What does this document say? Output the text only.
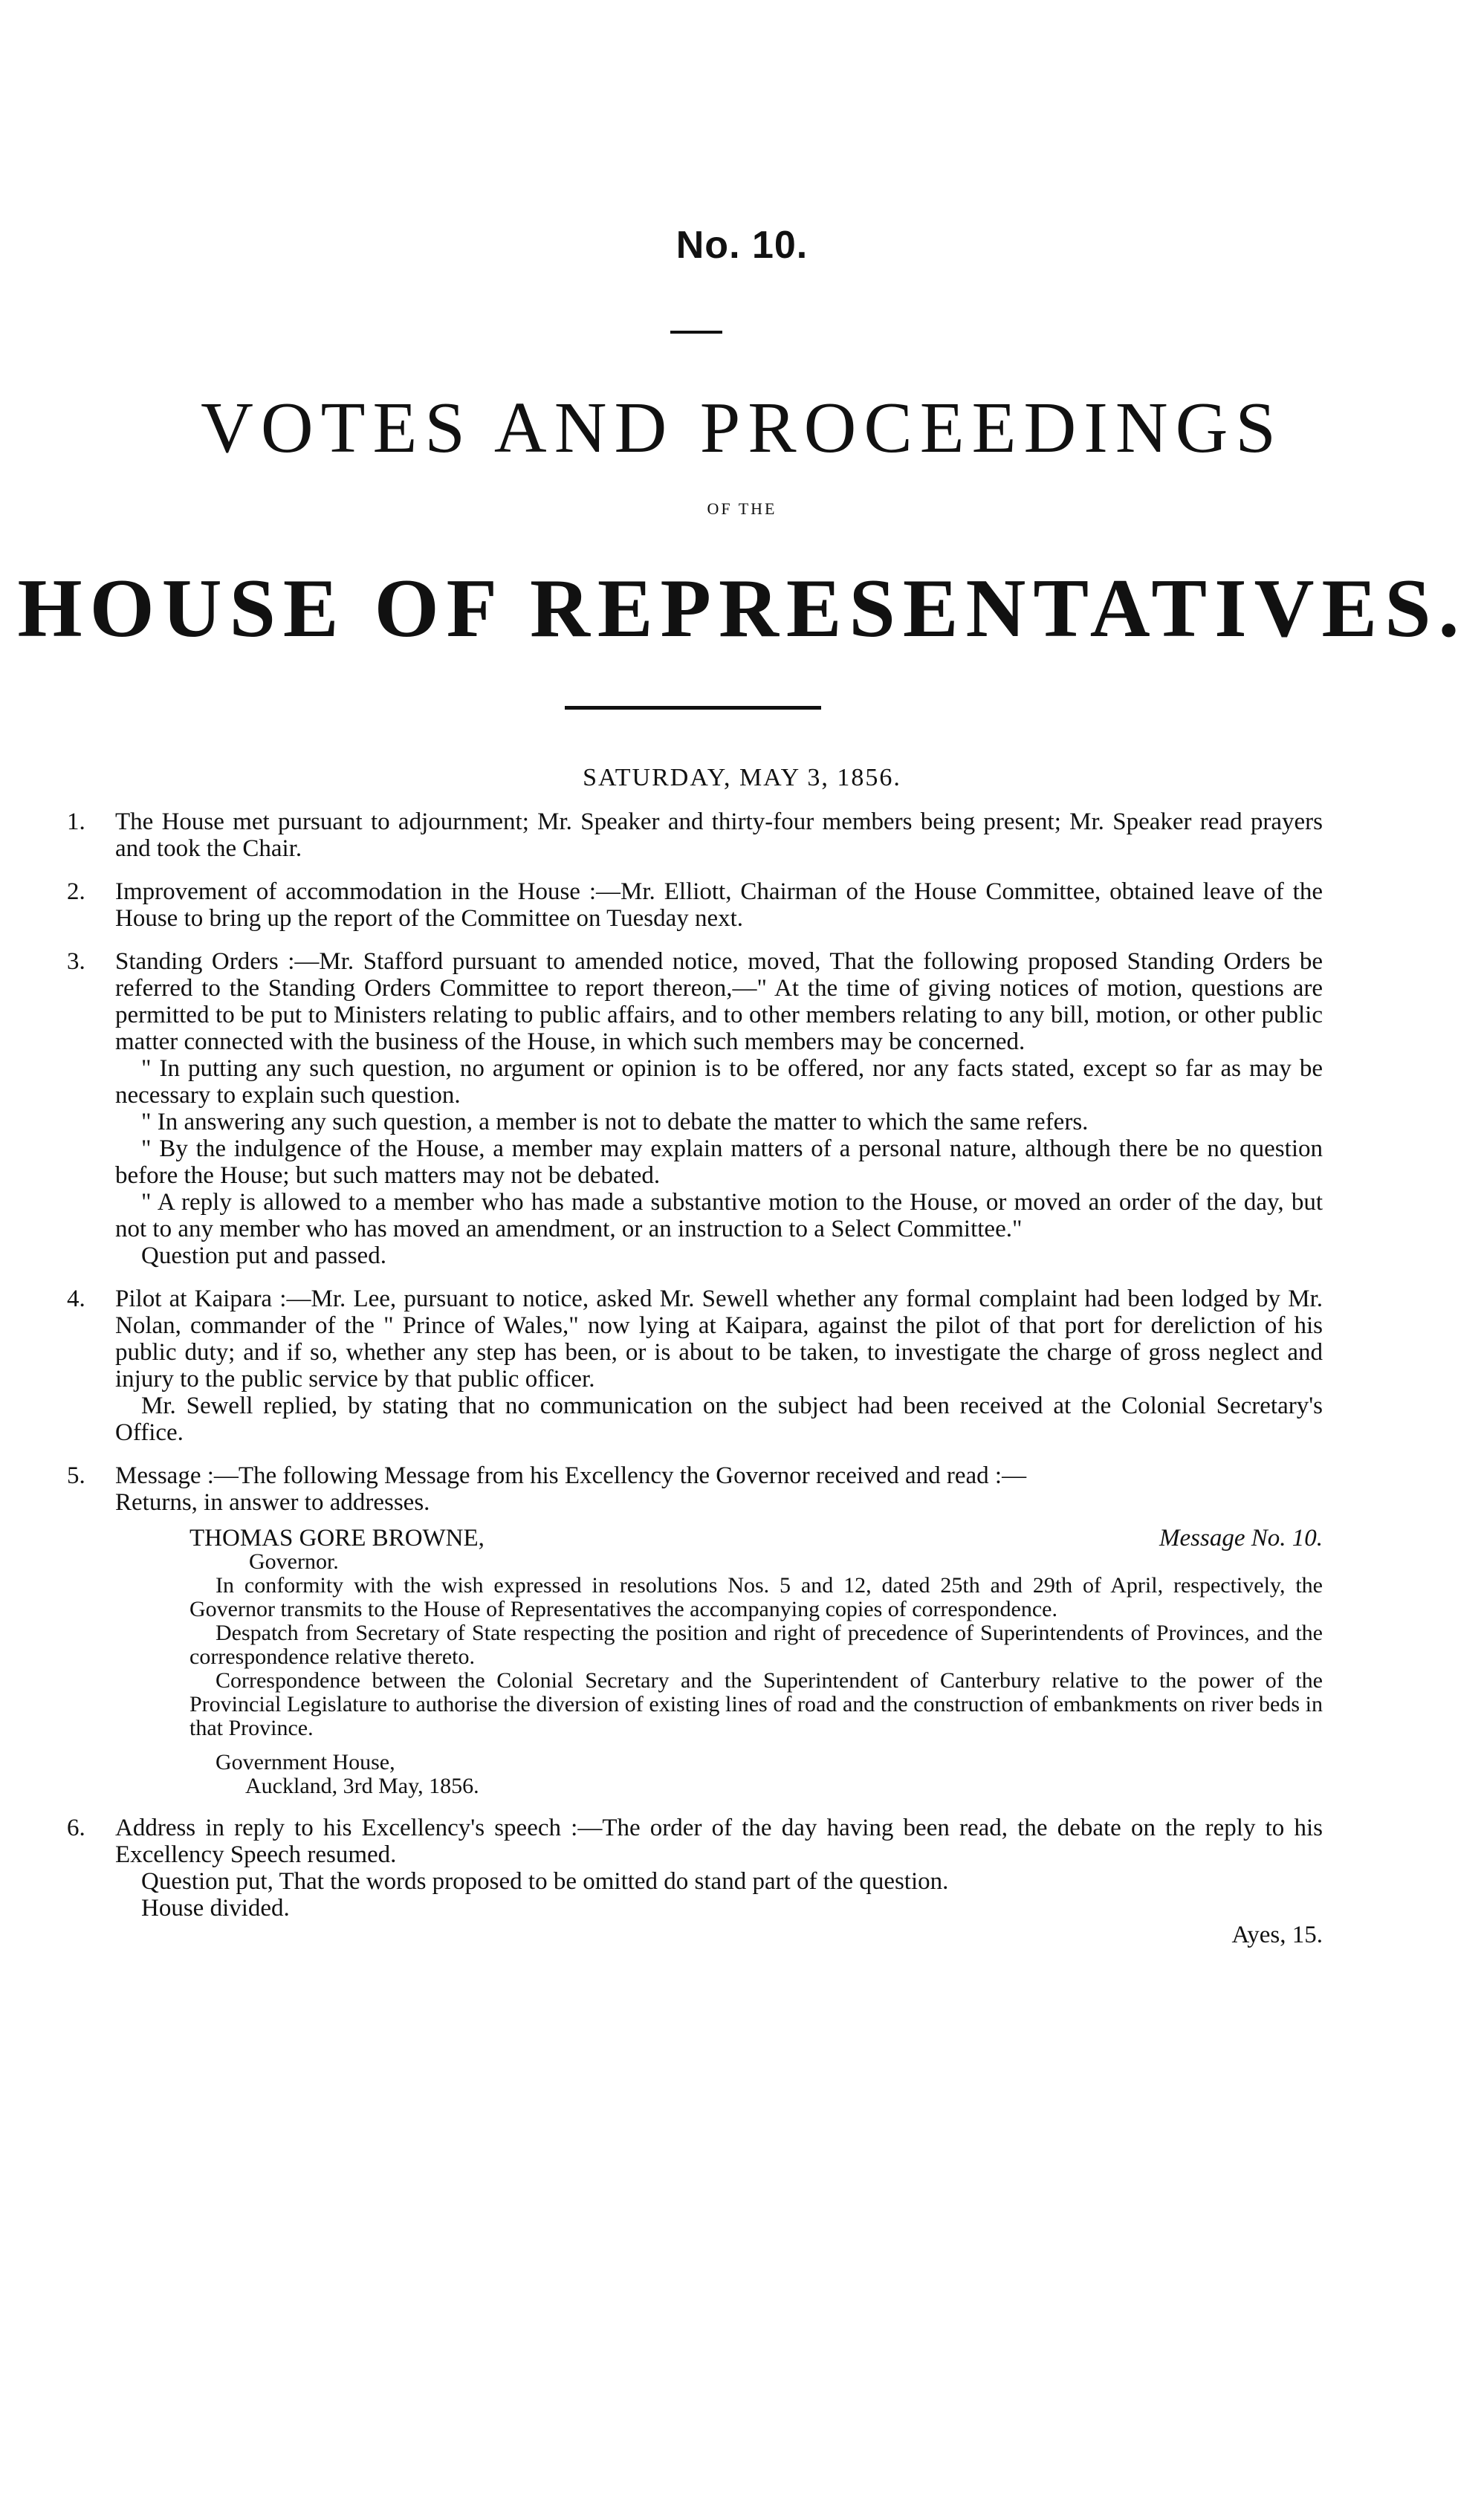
No. 10.
VOTES AND PROCEEDINGS
OF THE
HOUSE OF REPRESENTATIVES.
SATURDAY, MAY 3, 1856.
1. The House met pursuant to adjournment; Mr. Speaker and thirty-four members being present; Mr. Speaker read prayers and took the Chair.

2. Improvement of accommodation in the House :—Mr. Elliott, Chairman of the House Committee, obtained leave of the House to bring up the report of the Committee on Tuesday next.

3. Standing Orders :—Mr. Stafford pursuant to amended notice, moved, That the following proposed Standing Orders be referred to the Standing Orders Committee to report thereon,—" At the time of giving notices of motion, questions are permitted to be put to Ministers relating to public affairs, and to other members relating to any bill, motion, or other public matter connected with the business of the House, in which such members may be concerned.

" In putting any such question, no argument or opinion is to be offered, nor any facts stated, except so far as may be necessary to explain such question.

" In answering any such question, a member is not to debate the matter to which the same refers.

" By the indulgence of the House, a member may explain matters of a personal nature, although there be no question before the House; but such matters may not be debated.

" A reply is allowed to a member who has made a substantive motion to the House, or moved an order of the day, but not to any member who has moved an amendment, or an instruction to a Select Committee."

Question put and passed.

4. Pilot at Kaipara :—Mr. Lee, pursuant to notice, asked Mr. Sewell whether any formal complaint had been lodged by Mr. Nolan, commander of the " Prince of Wales," now lying at Kaipara, against the pilot of that port for dereliction of his public duty; and if so, whether any step has been, or is about to be taken, to investigate the charge of gross neglect and injury to the public service by that public officer.

Mr. Sewell replied, by stating that no communication on the subject had been received at the Colonial Secretary's Office.

5. Message :—The following Message from his Excellency the Governor received and read :—

Returns, in answer to addresses.

THOMAS GORE BROWNE,	Message No. 10.
Governor.

In conformity with the wish expressed in resolutions Nos. 5 and 12, dated 25th and 29th of April, respectively, the Governor transmits to the House of Representatives the accompanying copies of correspondence.

Despatch from Secretary of State respecting the position and right of precedence of Superintendents of Provinces, and the correspondence relative thereto.

Correspondence between the Colonial Secretary and the Superintendent of Canterbury relative to the power of the Provincial Legislature to authorise the diversion of existing lines of road and the construction of embankments on river beds in that Province.

Government House,

Auckland, 3rd May, 1856.

6. Address in reply to his Excellency's speech :—The order of the day having been read, the debate on the reply to his Excellency Speech resumed.

Question put, That the words proposed to be omitted do stand part of the question.

House divided.

Ayes, 15.
